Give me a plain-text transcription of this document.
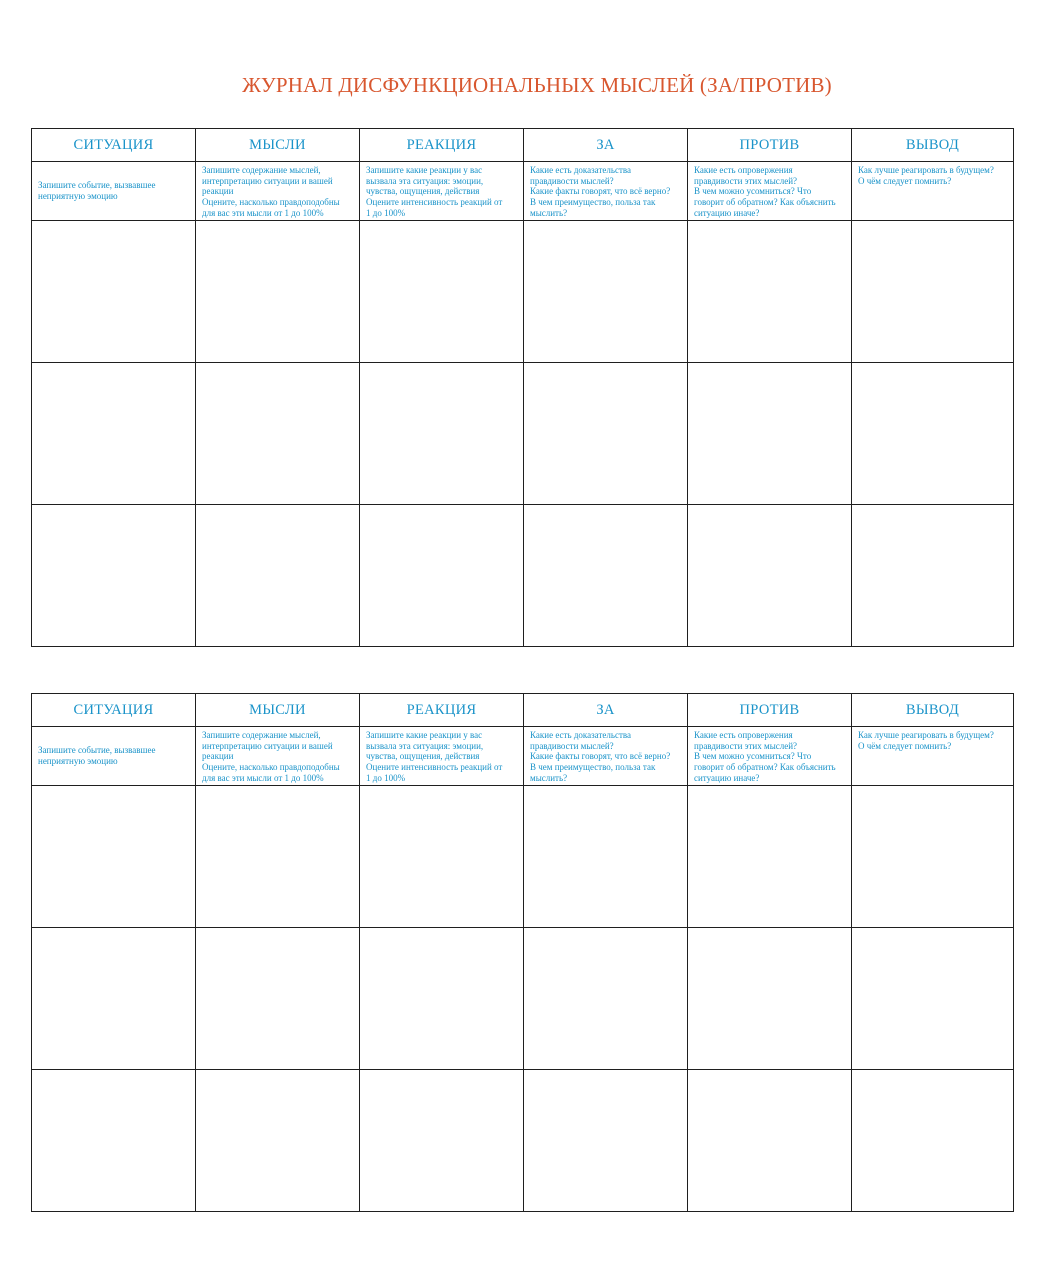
ЖУРНАЛ ДИСФУНКЦИОНАЛЬНЫХ МЫСЛЕЙ (ЗА/ПРОТИВ)
СИТУАЦИЯ	МЫСЛИ	РЕАКЦИЯ	ЗА	ПРОТИВ	ВЫВОД
Запишите событие, вызвавшее
неприятную эмоцию	Запишите содержание мыслей,
интерпретацию ситуации и вашей
реакции
Оцените, насколько правдоподобны
для вас эти мысли от 1 до 100%	Запишите какие реакции у вас
вызвала эта ситуация: эмоции,
чувства, ощущения, действия
Оцените интенсивность реакций от
1 до 100%	Какие есть доказательства
правдивости мыслей?
Какие факты говорят, что всё верно?
В чем преимущество, польза так
мыслить?	Какие есть опровержения
правдивости этих мыслей?
В чем можно усомниться? Что
говорит об обратном? Как объяснить
ситуацию иначе?	Как лучше реагировать в будущем?
О чём следует помнить?

СИТУАЦИЯ	МЫСЛИ	РЕАКЦИЯ	ЗА	ПРОТИВ	ВЫВОД
Запишите событие, вызвавшее
неприятную эмоцию	Запишите содержание мыслей,
интерпретацию ситуации и вашей
реакции
Оцените, насколько правдоподобны
для вас эти мысли от 1 до 100%	Запишите какие реакции у вас
вызвала эта ситуация: эмоции,
чувства, ощущения, действия
Оцените интенсивность реакций от
1 до 100%	Какие есть доказательства
правдивости мыслей?
Какие факты говорят, что всё верно?
В чем преимущество, польза так
мыслить?	Какие есть опровержения
правдивости этих мыслей?
В чем можно усомниться? Что
говорит об обратном? Как объяснить
ситуацию иначе?	Как лучше реагировать в будущем?
О чём следует помнить?
